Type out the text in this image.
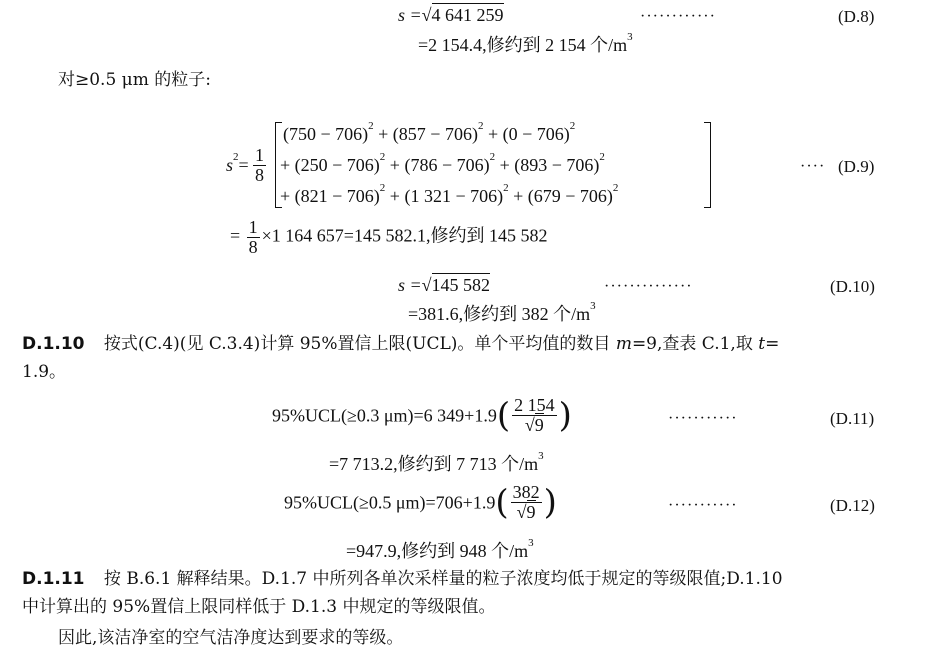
s =√4 641 259	············	(D.8)
=2 154.4,修约到 2 154 个$/m^3$
对≥0.5 μm 的粒子:
$s^2= \frac{1}{8}$
$(750 - 706)^2 + (857 - 706)^2 + (0 - 706)^2$
+ $(250 - 706)^2 + (786 - 706)^2 + (893 - 706)^2$
+ $(821 - 706)^2 + (1$ $321 - 706)^2 + (679 - 706)^2$
···· (D.9)
= $\frac{1}{8} \times 1$ 164 657=145 582.1,修约到 145 582
s =√145 582	··············	(D.10)
=381.6,修约到 382 个$/m^3$
D.1.10 按式(C.4)(见 C.3.4)计算 95%置信上限(UCL)。单个平均值的数目 m=9,查表 C.1,取 t=
1.9。
95%UCL(≥0.3 μm)=6 $349+1.9( \frac{2 154}{√9}$ )	···········	(D.11)
=7 713.2,修约到 7 713 个$/m^3$
95%UCL(≥0.5 $\mu m)=706+1.9( \frac{382}{√9}$ )	···········	(D.12)
=947.9,修约到 948 个$/m^3$
D.1.11 按 B.6.1 解释结果。D.1.7 中所列各单次采样量的粒子浓度均低于规定的等级限值;D.1.10
中计算出的 95%置信上限同样低于 D.1.3 中规定的等级限值。
因此,该洁净室的空气洁净度达到要求的等级。
